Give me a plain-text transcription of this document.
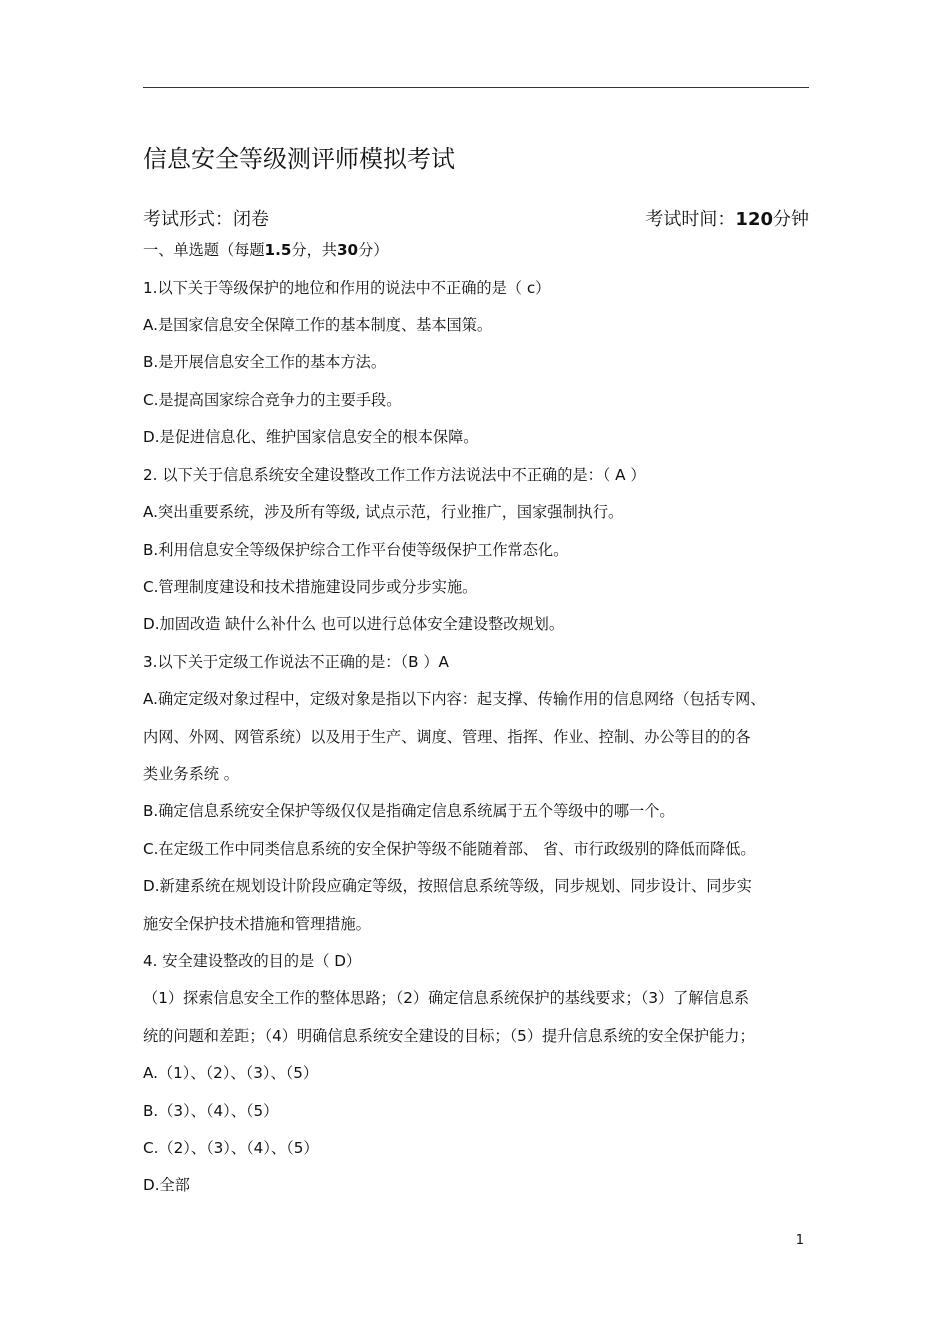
信息安全等级测评师模拟考试
考试形式：闭卷	考试时间：120分钟
一、单选题（每题1.5分，共30分）
1.以下关于等级保护的地位和作用的说法中不正确的是（ c）
A.是国家信息安全保障工作的基本制度、基本国策。
B.是开展信息安全工作的基本方法。
C.是提高国家综合竞争力的主要手段。
D.是促进信息化、维护国家信息安全的根本保障。
2. 以下关于信息系统安全建设整改工作工作方法说法中不正确的是：（ A ）
A.突出重要系统，涉及所有等级, 试点示范，行业推广，国家强制执行。
B.利用信息安全等级保护综合工作平台使等级保护工作常态化。
C.管理制度建设和技术措施建设同步或分步实施。
D.加固改造 缺什么补什么 也可以进行总体安全建设整改规划。
3.以下关于定级工作说法不正确的是：（B ）A
A.确定定级对象过程中，定级对象是指以下内容：起支撑、传输作用的信息网络（包括专网、
内网、外网、网管系统）以及用于生产、调度、管理、指挥、作业、控制、办公等目的的各
类业务系统 。
B.确定信息系统安全保护等级仅仅是指确定信息系统属于五个等级中的哪一个。
C.在定级工作中同类信息系统的安全保护等级不能随着部、 省、市行政级别的降低而降低。
D.新建系统在规划设计阶段应确定等级，按照信息系统等级，同步规划、同步设计、同步实
施安全保护技术措施和管理措施。
4. 安全建设整改的目的是（ D）
（1）探索信息安全工作的整体思路；（2）确定信息系统保护的基线要求；（3）了解信息系
统的问题和差距；（4）明确信息系统安全建设的目标；（5）提升信息系统的安全保护能力；
A.（1）、（2）、（3）、（5）
B.（3）、（4）、（5）
C.（2）、（3）、（4）、（5）
D.全部
1
